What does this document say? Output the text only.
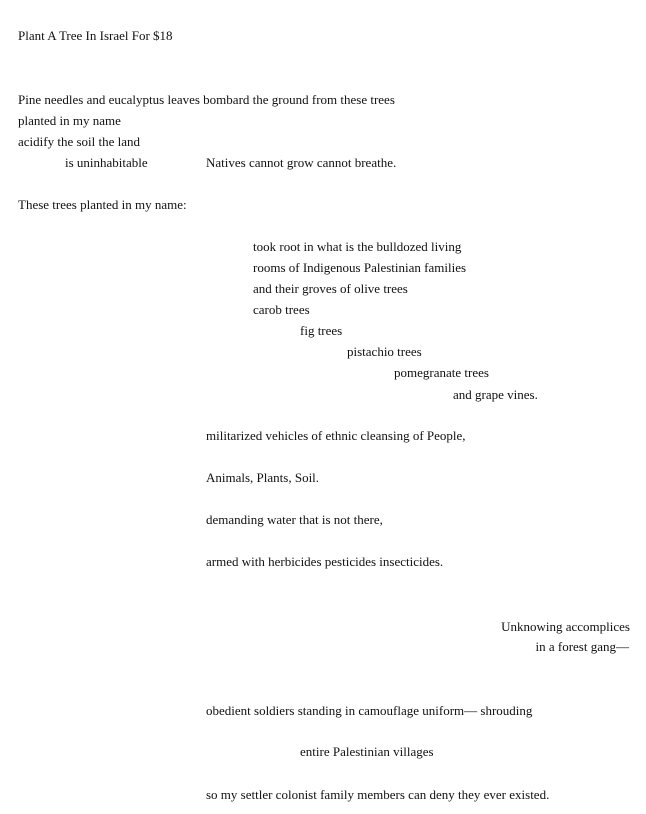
Plant A Tree In Israel For $18
Pine needles and eucalyptus leaves bombard the ground from these trees
planted in my name
acidify the soil the land
is uninhabitable	Natives cannot grow cannot breathe.
These trees planted in my name:
took root in what is the bulldozed living
rooms of Indigenous Palestinian families
and their groves of olive trees
carob trees
fig trees
pistachio trees
pomegranate trees
and grape vines.
militarized vehicles of ethnic cleansing of People,
Animals, Plants, Soil.
demanding water that is not there,
armed with herbicides pesticides insecticides.
Unknowing accomplices
in a forest gang—
obedient soldiers standing in camouflage uniform— shrouding
entire Palestinian villages
so my settler colonist family members can deny they ever existed.
